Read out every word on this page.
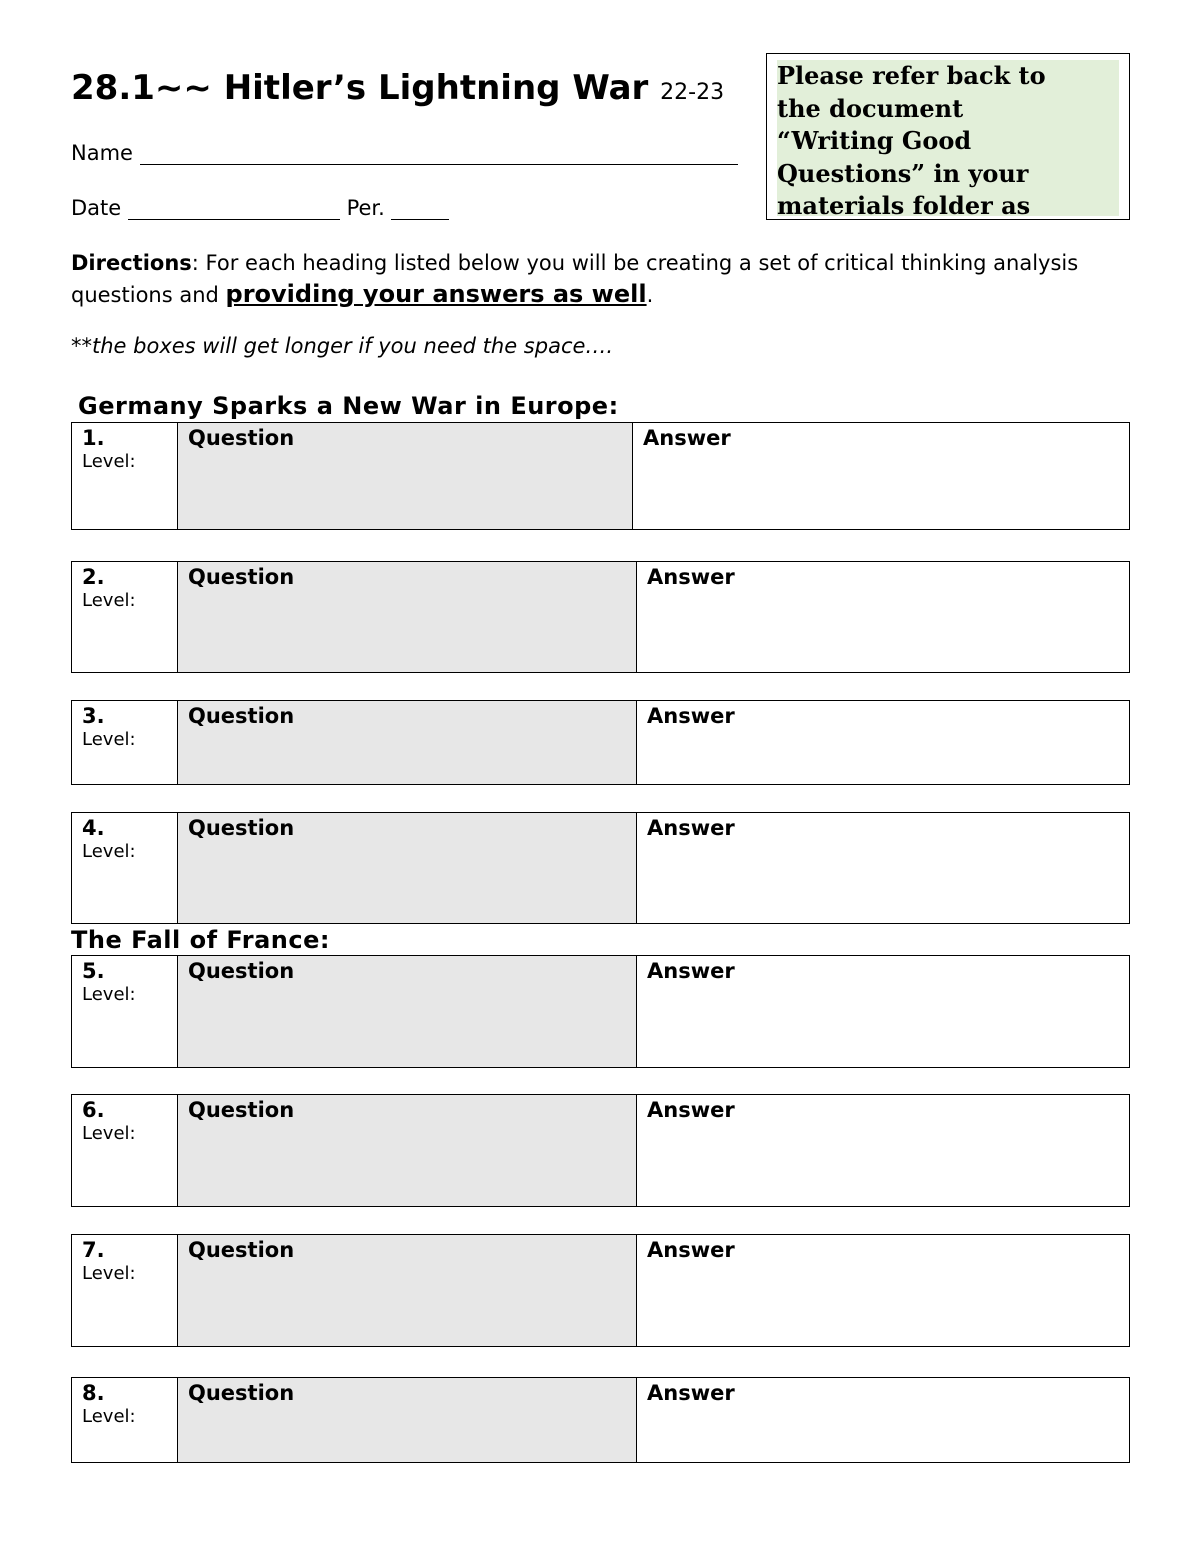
28.1~~ Hitler’s Lightning War 22-23
Name
Date	Per.

Please refer back to
the document
“Writing Good
Questions” in your
materials folder as

Directions: For each heading listed below you will be creating a set of critical thinking analysis questions and providing your answers as well.

**the boxes will get longer if you need the space….

Germany Sparks a New War in Europe:
1.
Level:
Question	Answer
2.
Level:
Question	Answer
3.
Level:
Question	Answer
4.
Level:
Question	Answer
The Fall of France:
5.
Level:
Question	Answer
6.
Level:
Question	Answer
7.
Level:
Question	Answer
8.
Level:
Question	Answer
